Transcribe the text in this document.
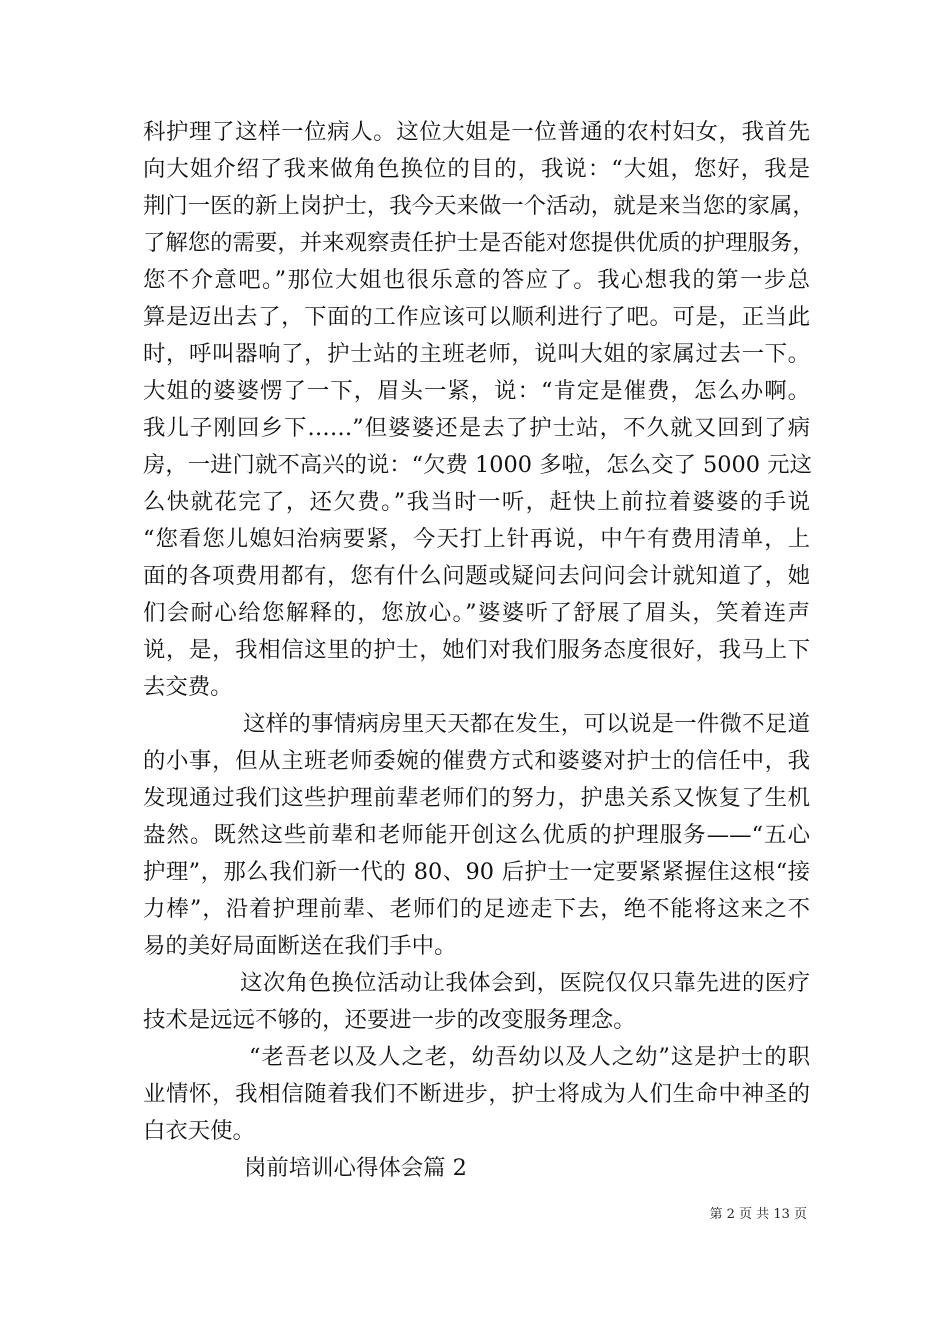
科护理了这样一位病人。这位大姐是一位普通的农村妇女，我首先
向大姐介绍了我来做角色换位的目的，我说：“大姐，您好，我是
荆门一医的新上岗护士，我今天来做一个活动，就是来当您的家属，
了解您的需要，并来观察责任护士是否能对您提供优质的护理服务，
您不介意吧。”那位大姐也很乐意的答应了。我心想我的第一步总
算是迈出去了，下面的工作应该可以顺利进行了吧。可是，正当此
时，呼叫器响了，护士站的主班老师，说叫大姐的家属过去一下。
大姐的婆婆愣了一下，眉头一紧，说：“肯定是催费，怎么办啊。
我儿子刚回乡下……”但婆婆还是去了护士站，不久就又回到了病
房，一进门就不高兴的说：“欠费 1000 多啦，怎么交了 5000 元这
么快就花完了，还欠费。”我当时一听，赶快上前拉着婆婆的手说
“您看您儿媳妇治病要紧，今天打上针再说，中午有费用清单，上
面的各项费用都有，您有什么问题或疑问去问问会计就知道了，她
们会耐心给您解释的，您放心。”婆婆听了舒展了眉头，笑着连声
说，是，我相信这里的护士，她们对我们服务态度很好，我马上下
去交费。
这样的事情病房里天天都在发生，可以说是一件微不足道
的小事，但从主班老师委婉的催费方式和婆婆对护士的信任中，我
发现通过我们这些护理前辈老师们的努力，护患关系又恢复了生机
盎然。既然这些前辈和老师能开创这么优质的护理服务——“五心
护理”，那么我们新一代的 80、90 后护士一定要紧紧握住这根“接
力棒”，沿着护理前辈、老师们的足迹走下去，绝不能将这来之不
易的美好局面断送在我们手中。
这次角色换位活动让我体会到，医院仅仅只靠先进的医疗
技术是远远不够的，还要进一步的改变服务理念。
“老吾老以及人之老，幼吾幼以及人之幼”这是护士的职
业情怀，我相信随着我们不断进步，护士将成为人们生命中神圣的
白衣天使。
岗前培训心得体会篇 2
第 2 页 共 13 页
